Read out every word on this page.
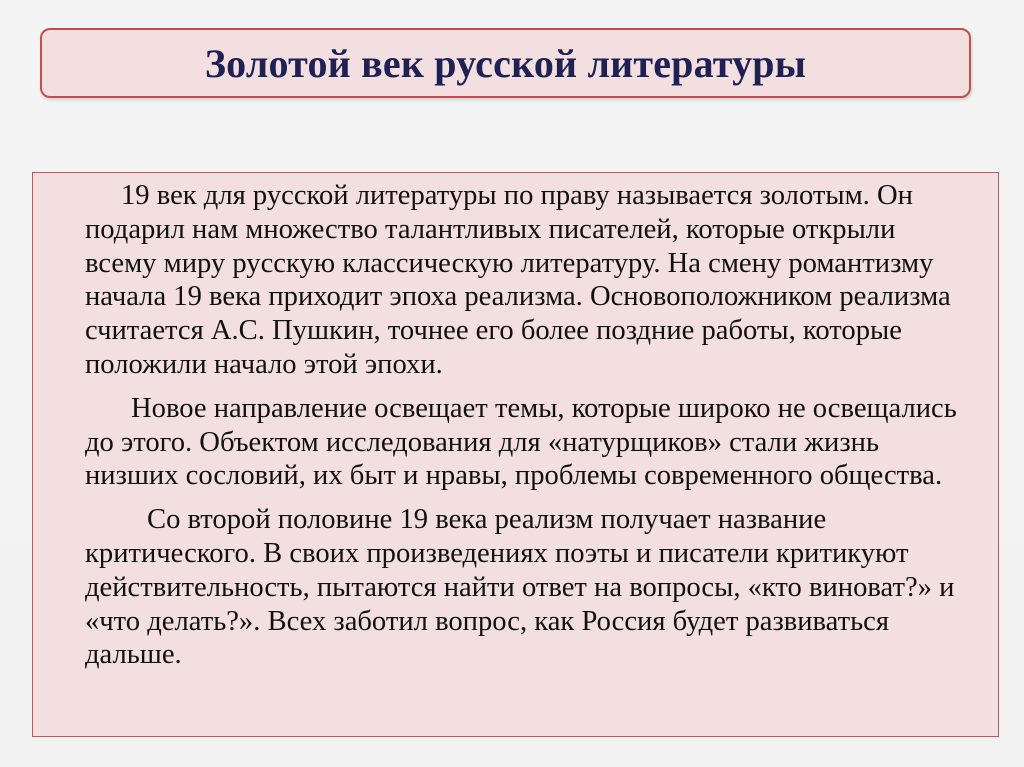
Золотой век русской литературы

19 век для русской литературы по праву называется золотым. Он подарил нам множество талантливых писателей, которые открыли всему миру русскую классическую литературу. На смену романтизму начала 19 века приходит эпоха реализма. Основоположником реализма считается А.С. Пушкин, точнее его более поздние работы, которые положили начало этой эпохи.

Новое направление освещает темы, которые широко не освещались до этого. Объектом исследования для «натурщиков» стали жизнь низших сословий, их быт и нравы, проблемы современного общества.

Со второй половине 19 века реализм получает название критического. В своих произведениях поэты и писатели критикуют действительность, пытаются найти ответ на вопросы, «кто виноват?» и «что делать?». Всех заботил вопрос, как Россия будет развиваться дальше.
